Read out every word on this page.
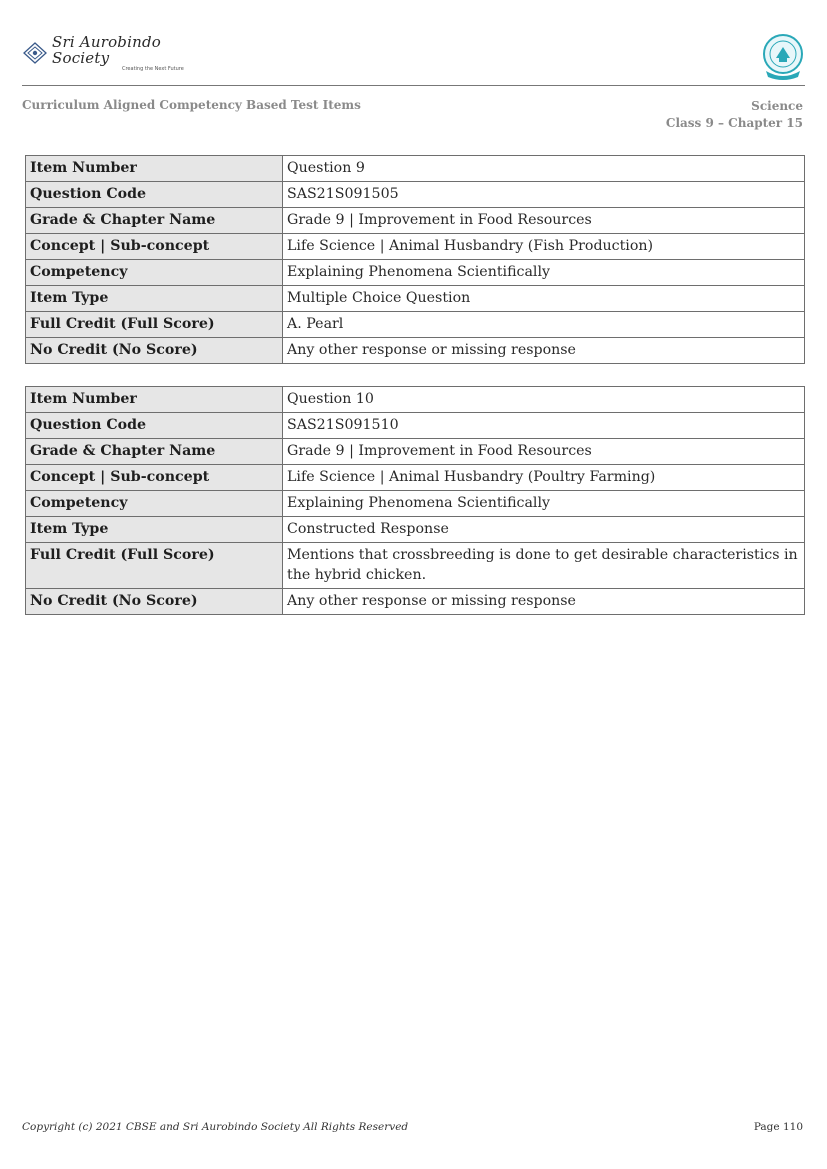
Sri Aurobindo Society
Creating the Next Future
Curriculum Aligned Competency Based Test Items	Science
Class 9 – Chapter 15
Item Number	Question 9
Question Code	SAS21S091505
Grade & Chapter Name	Grade 9 | Improvement in Food Resources
Concept | Sub-concept	Life Science | Animal Husbandry (Fish Production)
Competency	Explaining Phenomena Scientifically
Item Type	Multiple Choice Question
Full Credit (Full Score)	A. Pearl
No Credit (No Score)	Any other response or missing response
Item Number	Question 10
Question Code	SAS21S091510
Grade & Chapter Name	Grade 9 | Improvement in Food Resources
Concept | Sub-concept	Life Science | Animal Husbandry (Poultry Farming)
Competency	Explaining Phenomena Scientifically
Item Type	Constructed Response
Full Credit (Full Score)	Mentions that crossbreeding is done to get desirable characteristics in the hybrid chicken.
No Credit (No Score)	Any other response or missing response
Copyright (c) 2021 CBSE and Sri Aurobindo Society All Rights Reserved	Page 110
